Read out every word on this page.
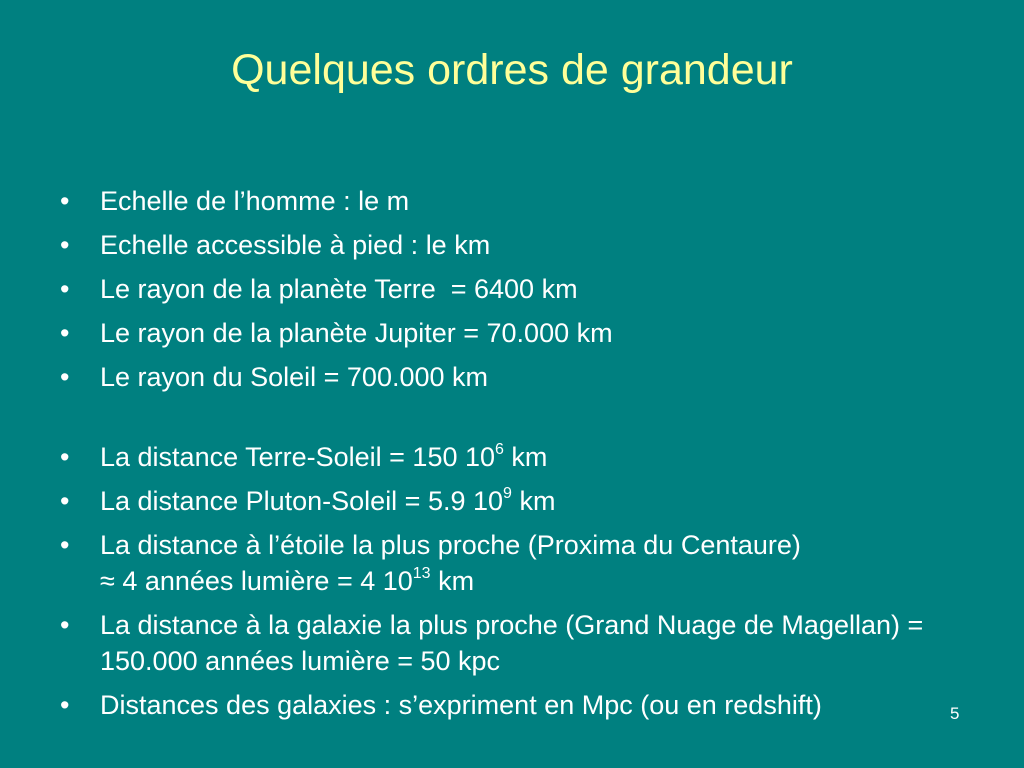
Quelques ordres de grandeur
• Echelle de l’homme : le m
• Echelle accessible à pied : le km
• Le rayon de la planète Terre  = 6400 km
• Le rayon de la planète Jupiter = 70.000 km
• Le rayon du Soleil = 700.000 km
• La distance Terre-Soleil = 150 $10^6$ km
• La distance Pluton-Soleil = 5.9 $10^9$ km
• La distance à l’étoile la plus proche (Proxima du Centaure)
≈ 4 années lumière = 4 $10^{13}$ km
• La distance à la galaxie la plus proche (Grand Nuage de Magellan) = 150.000 années lumière = 50 kpc
• Distances des galaxies : s’expriment en Mpc (ou en redshift)	5
